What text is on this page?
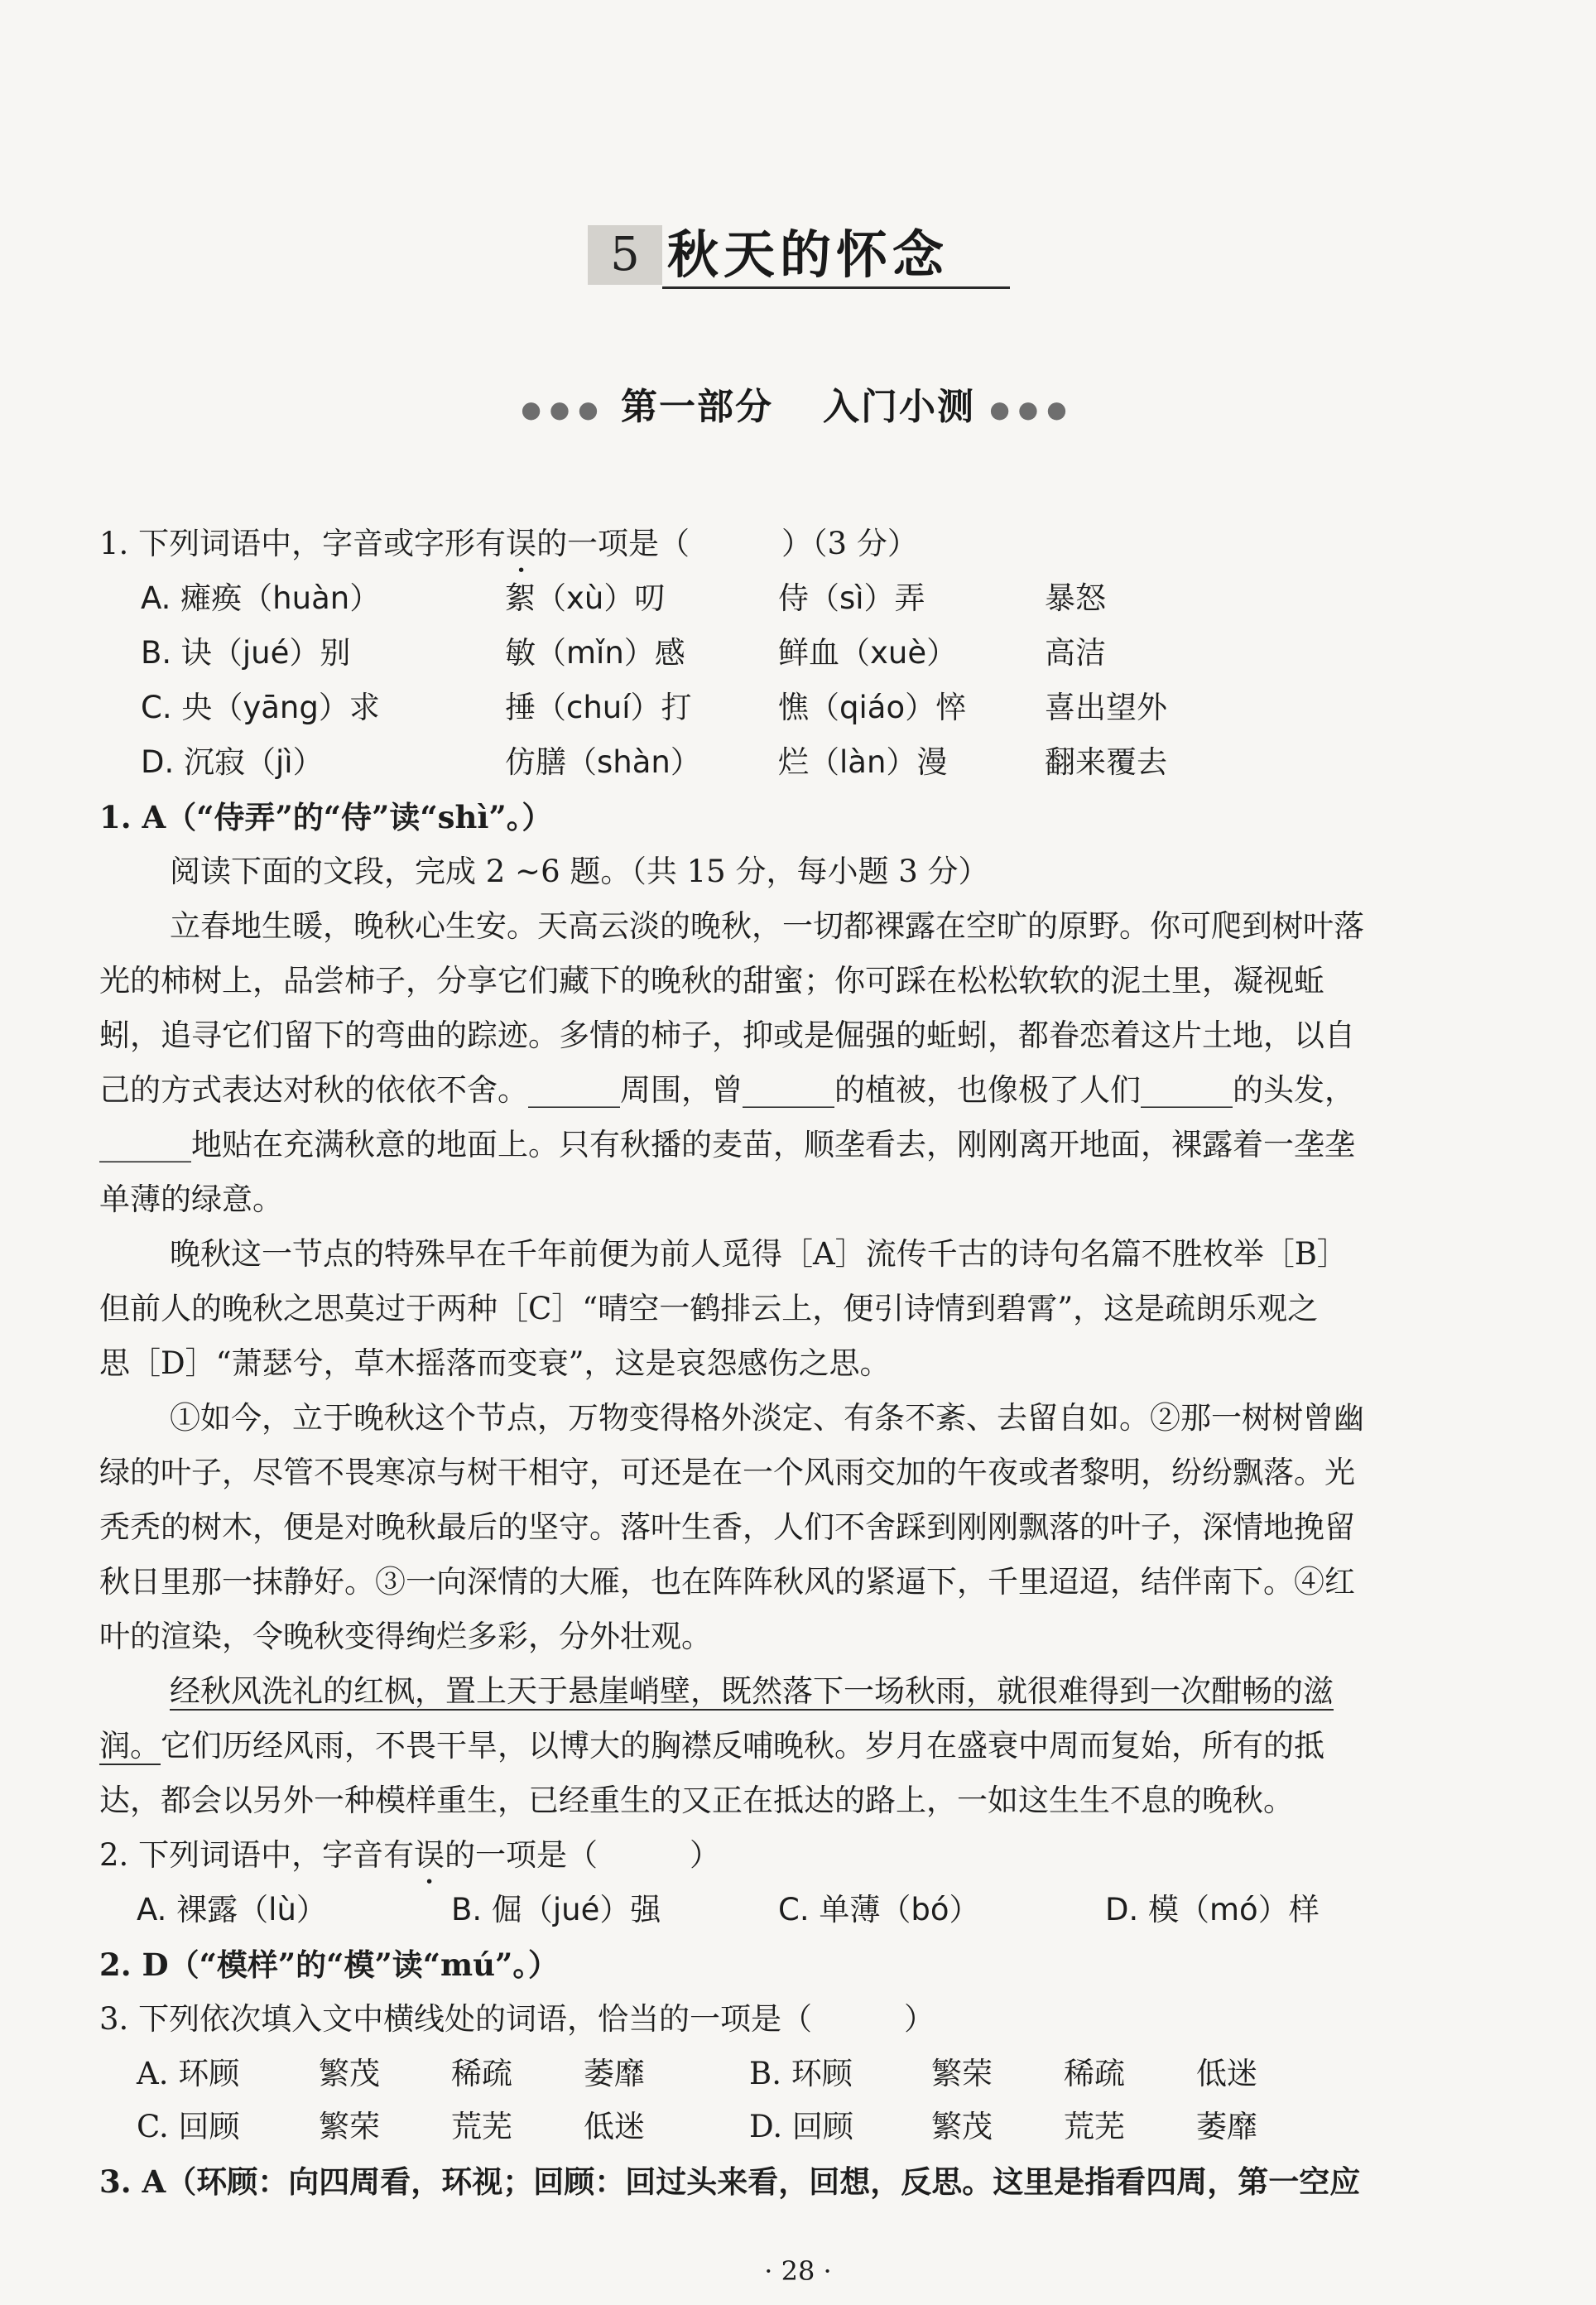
5 秋天的怀念
●●● 第一部分 入门小测 ●●●
1. 下列词语中，字音或字形有误的一项是（　　　）（3 分）
A. 瘫痪（huàn）	絮（xù）叨	侍（sì）弄	暴怒
B. 诀（jué）别	敏（mǐn）感	鲜血（xuè）	高洁
C. 央（yāng）求	捶（chuí）打	憔（qiáo）悴	喜出望外
D. 沉寂（jì）	仿膳（shàn）	烂（làn）漫	翻来覆去
1. A（“侍弄”的“侍”读“shì”。）
阅读下面的文段，完成 2 ~6 题。（共 15 分，每小题 3 分）
立春地生暖，晚秋心生安。天高云淡的晚秋，一切都裸露在空旷的原野。你可爬到树叶落
光的柿树上，品尝柿子，分享它们藏下的晚秋的甜蜜；你可踩在松松软软的泥土里，凝视蚯
蚓，追寻它们留下的弯曲的踪迹。多情的柿子，抑或是倔强的蚯蚓，都眷恋着这片土地，以自
己的方式表达对秋的依依不舍。______周围，曾______的植被，也像极了人们______的头发，
______地贴在充满秋意的地面上。只有秋播的麦苗，顺垄看去，刚刚离开地面，裸露着一垄垄
单薄的绿意。
晚秋这一节点的特殊早在千年前便为前人觅得［A］流传千古的诗句名篇不胜枚举［B］
但前人的晚秋之思莫过于两种［C］“晴空一鹤排云上，便引诗情到碧霄”，这是疏朗乐观之
思［D］“萧瑟兮，草木摇落而变衰”，这是哀怨感伤之思。
①如今，立于晚秋这个节点，万物变得格外淡定、有条不紊、去留自如。②那一树树曾幽
绿的叶子，尽管不畏寒凉与树干相守，可还是在一个风雨交加的午夜或者黎明，纷纷飘落。光
秃秃的树木，便是对晚秋最后的坚守。落叶生香，人们不舍踩到刚刚飘落的叶子，深情地挽留
秋日里那一抹静好。③一向深情的大雁，也在阵阵秋风的紧逼下，千里迢迢，结伴南下。④红
叶的渲染，令晚秋变得绚烂多彩，分外壮观。
经秋风洗礼的红枫，置上天于悬崖峭壁，既然落下一场秋雨，就很难得到一次酣畅的滋
润。它们历经风雨，不畏干旱，以博大的胸襟反哺晚秋。岁月在盛衰中周而复始，所有的抵
达，都会以另外一种模样重生，已经重生的又正在抵达的路上，一如这生生不息的晚秋。
2. 下列词语中，字音有误的一项是（　　　）
A. 裸露（lù）	B. 倔（jué）强	C. 单薄（bó）	D. 模（mó）样
2. D（“模样”的“模”读“mú”。）
3. 下列依次填入文中横线处的词语，恰当的一项是（　　　）
A. 环顾	繁茂 稀疏 萎靡	B. 环顾	繁荣 稀疏 低迷
C. 回顾	繁荣 荒芜 低迷	D. 回顾	繁茂 荒芜 萎靡
3. A（环顾：向四周看，环视；回顾：回过头来看，回想，反思。这里是指看四周，第一空应
· 28 ·
